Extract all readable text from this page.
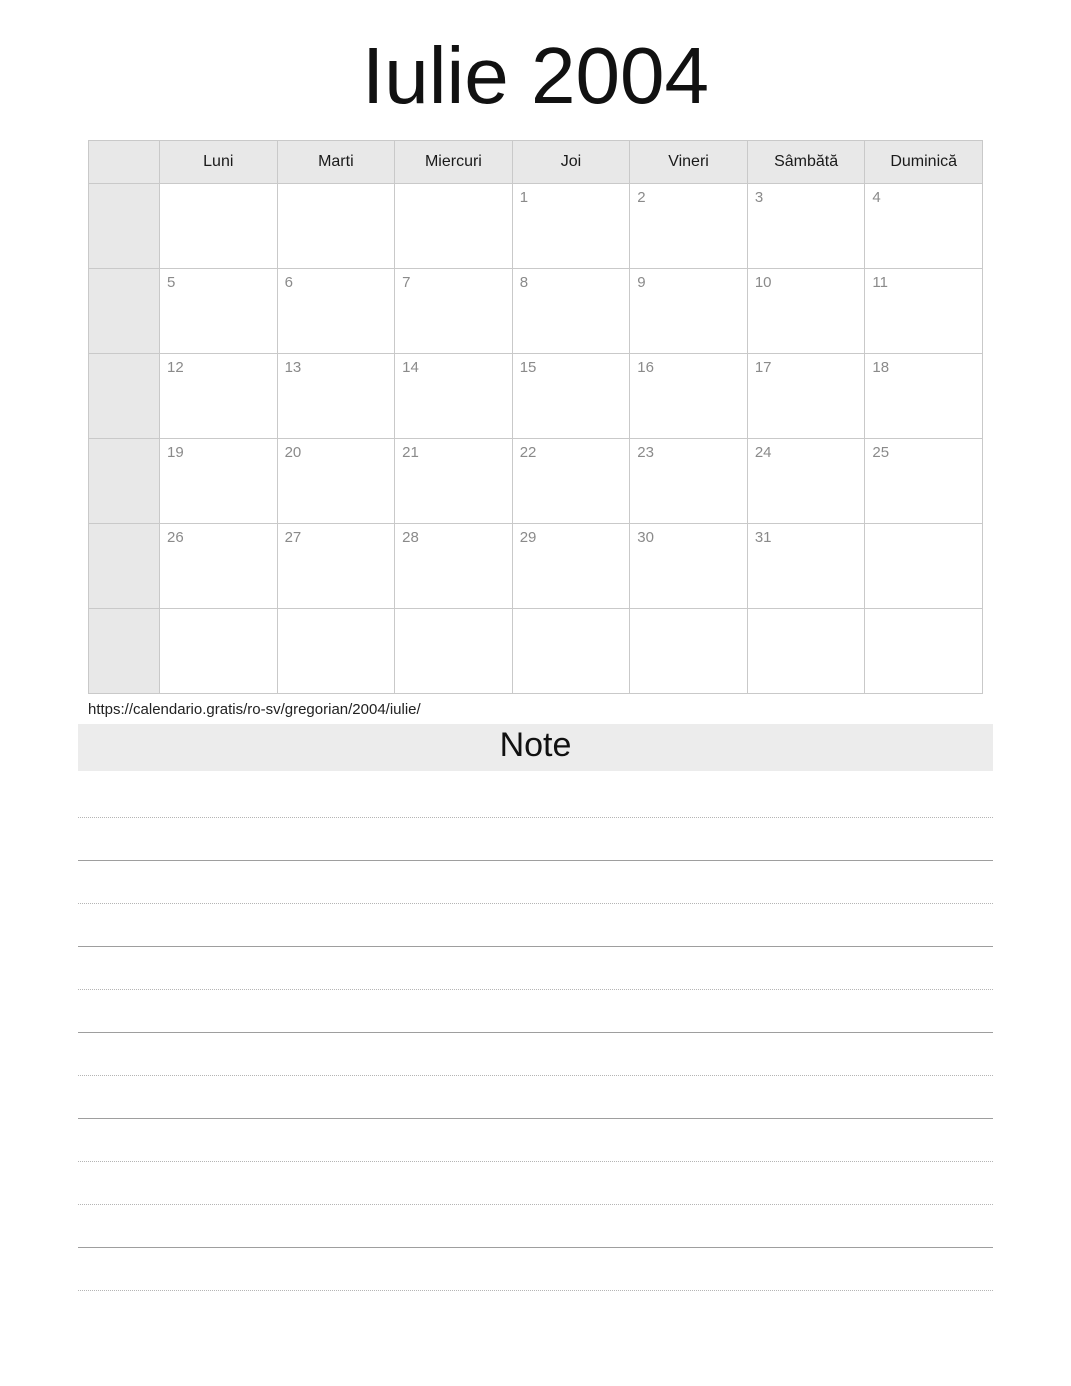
Iulie 2004
	Luni	Marti	Miercuri	Joi	Vineri	Sâmbătă	Duminică

				1	2	3	4

	5	6	7	8	9	10	11

	12	13	14	15	16	17	18

	19	20	21	22	23	24	25

	26	27	28	29	30	31	

https://calendario.gratis/ro-sv/gregorian/2004/iulie/
Note
